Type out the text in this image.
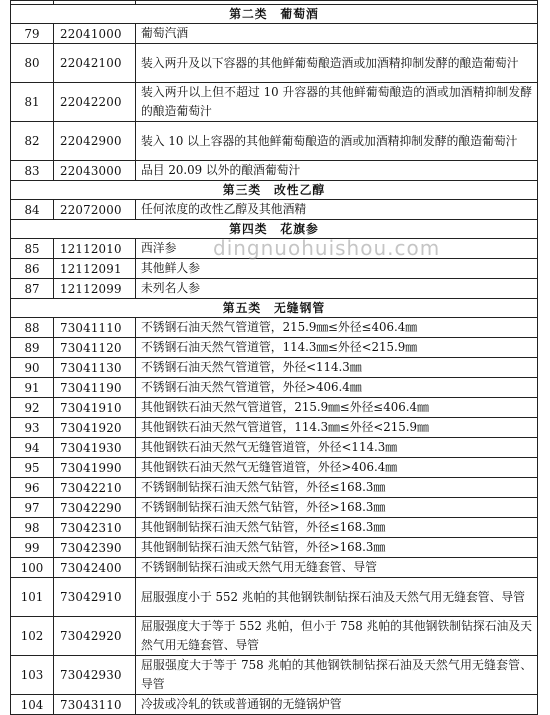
第二类　葡萄酒		
79	22041000	葡萄汽酒
80	22042100	装入两升及以下容器的其他鲜葡萄酿造酒或加酒精抑制发酵的酿造葡萄汁
81	22042200	装入两升以上但不超过 10 升容器的其他鲜葡萄酿造的酒或加酒精抑制发酵的酿造葡萄汁
82	22042900	装入 10 以上容器的其他鲜葡萄酿造的酒或加酒精抑制发酵的酿造葡萄汁
83	22043000	品目 20.09 以外的酿酒葡萄汁
第三类　改性乙醇		
84	22072000	任何浓度的改性乙醇及其他酒精
第四类　花旗参		
85	12112010	西洋参
86	12112091	其他鲜人参
87	12112099	未列名人参
第五类　无缝钢管		
88	73041110	不锈钢石油天然气管道管，215.9㎜≤外径≤406.4㎜
89	73041120	不锈钢石油天然气管道管，114.3㎜≤外径<215.9㎜
90	73041130	不锈钢石油天然气管道管，外径<114.3㎜
91	73041190	不锈钢石油天然气管道管，外径>406.4㎜
92	73041910	其他钢铁石油天然气管道管，215.9㎜≤外径≤406.4㎜
93	73041920	其他钢铁石油天然气管道管，114.3㎜≤外径<215.9㎜
94	73041930	其他钢铁石油天然气无缝管道管，外径<114.3㎜
95	73041990	其他钢铁石油天然气无缝管道管，外径>406.4㎜
96	73042210	不锈钢制钻探石油天然气钻管，外径≤168.3㎜
97	73042290	不锈钢制钻探石油天然气钻管，外径>168.3㎜
98	73042310	其他钢制钻探石油天然气钻管，外径≤168.3㎜
99	73042390	其他钢制钻探石油天然气钻管，外径>168.3㎜
100	73042400	不锈钢制钻探石油或天然气用无缝套管、导管
101	73042910	屈服强度小于 552 兆帕的其他钢铁制钻探石油及天然气用无缝套管、导管
102	73042920	屈服强度大于等于 552 兆帕，但小于 758 兆帕的其他钢铁制钻探石油及天然气用无缝套管、导管
103	73042930	屈服强度大于等于 758 兆帕的其他钢铁制钻探石油及天然气用无缝套管、导管
104	73043110	冷拔或冷轧的铁或普通钢的无缝锅炉管
dingnuohuishou.com
